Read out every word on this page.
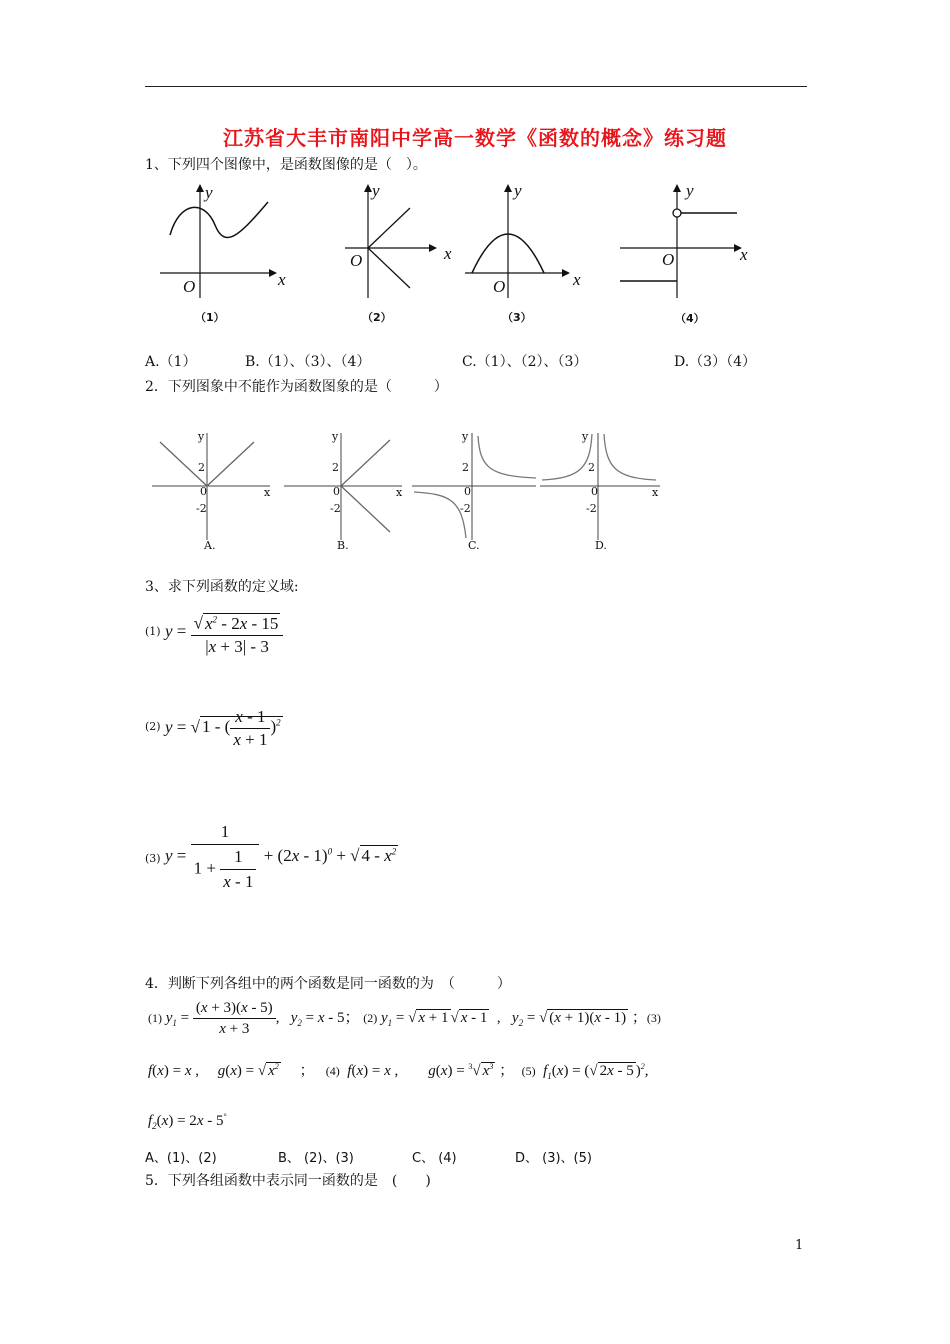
江苏省大丰市南阳中学高一数学《函数的概念》练习题
1、下列四个图像中，是函数图像的是（　）。
y
x
O
（1）
y
x
O
（2）
y
x
O
（3）
y
x
O
（4）
A.（1）	B.（1）、（3）、（4）	C.（1）、（2）、（3）	D.（3）（4）
2．下列图象中不能作为函数图象的是（　　　）
y
x
2
0
-2
A.
y
x
2
0
-2
B.
y
2
0
-2
C.
y
x
2
0
-2
D.
3、求下列函数的定义域:
(1) $y = \frac{√ x^2 - 2x - 15}{|x + 3| - 3}$
(2) y = √ 1 - ( $\frac{x - 1}{x + 1} )^2$
(3) $y = \frac{1}{1 + \frac{1}{x - 1}} + (2x - 1)^0$ + √ $4 - x^2$
4．判断下列各组中的两个函数是同一函数的为　（　　　）
(1) $y_1 = \frac{(x + 3)(x - 5)}{x + 3}$ ,   $y_2 = x - 5$； (2) $y_1$ = √ x + 1 √ x - 1 ,   $y_2$ = √ (x + 1)(x - 1) ；(3)
f(x) = x ,     g(x) = √ $x^2$ ； (4)  f(x) = x ,        g(x) = $^3$√ $x^3$ ； (5)  $f_1(x)$ = (√ 2x - 5 )$^2$,
$f_2(x) = 2x - 5^\circ$
A、(1)、(2)	B、 (2)、(3)	C、 (4)	D、 (3)、(5)
5．下列各组函数中表示同一函数的是　(　　)
1
